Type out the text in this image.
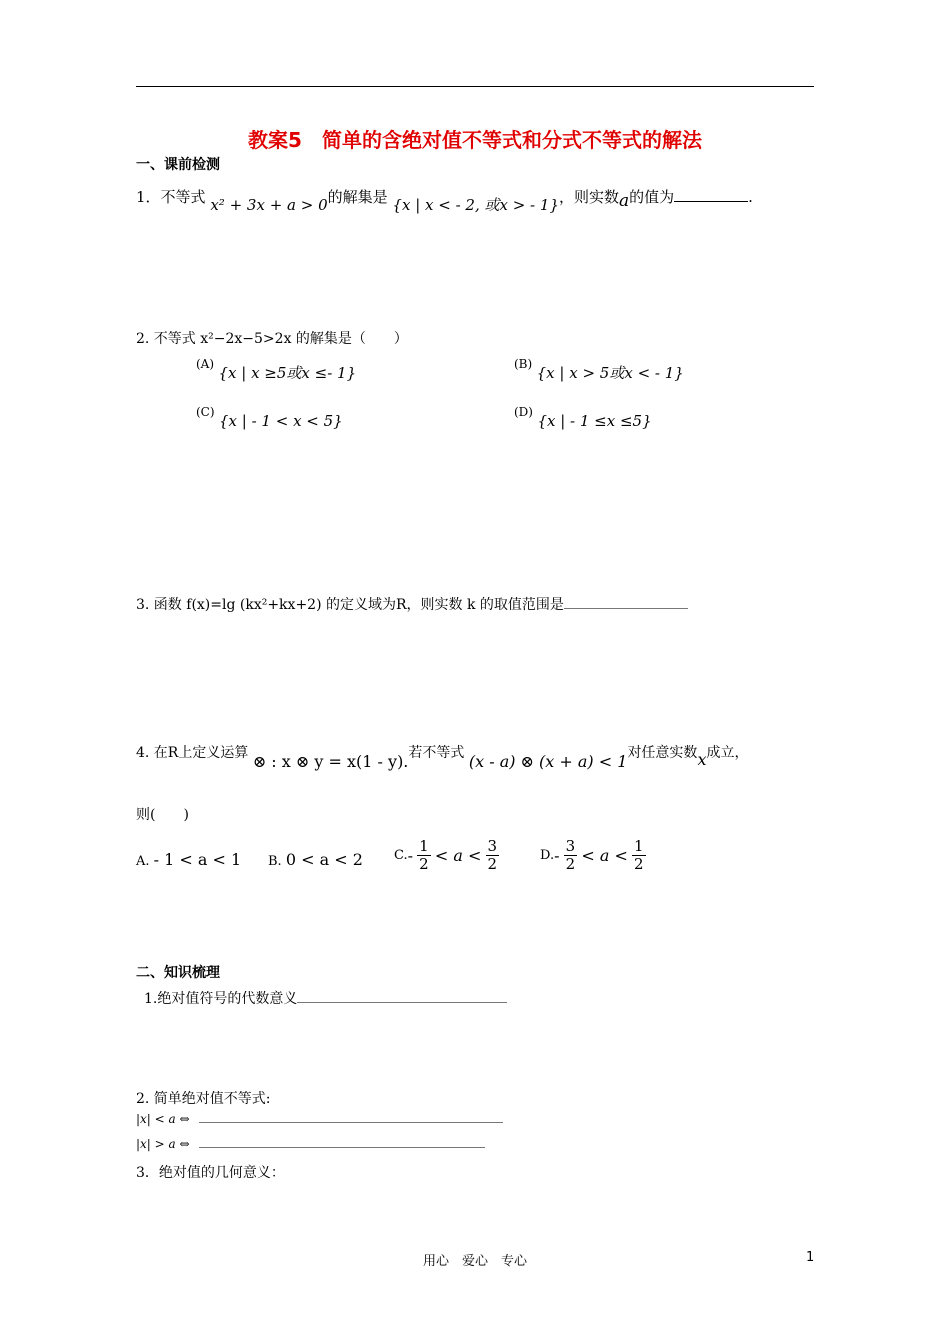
教案5　简单的含绝对值不等式和分式不等式的解法
一、课前检测
1．不等式 x² + 3x + a > 0的解集是 {x | x < - 2, 或x > - 1}，则实数a的值为	.
2. 不等式 x²−2x−5>2x 的解集是（　　）
(A) {x | x ≥5或x ≤- 1}	(B) {x | x > 5或x < - 1}
(C) {x | - 1 < x < 5}	(D) {x | - 1 ≤x ≤5}
3. 函数 f(x)=lg (kx²+kx+2) 的定义域为R，则实数 k 的取值范围是
4. 在R上定义运算 ⊗ : x ⊗ y = x(1 - y).若不等式 (x - a) ⊗ (x + a) < 1对任意实数x成立，
则(　　)
A. - 1 < a < 1 B. 0 < a < 2 $C.- \frac{1}{2} < a < \frac{3}{2}$	$D.- \frac{3}{2} < a < \frac{1}{2}$
二、知识梳理
1.绝对值符号的代数意义
2. 简单绝对值不等式:
|x| < a ⇔
|x| > a ⇔
3．绝对值的几何意义：
用心　爱心　专心	1
